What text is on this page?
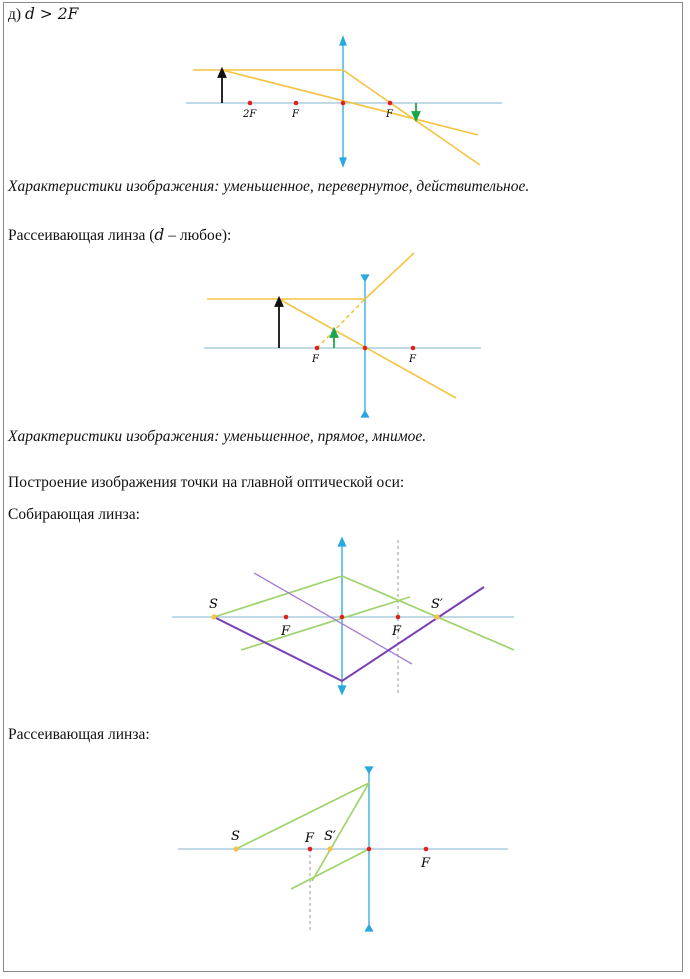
д) d > 2F

2F	F	F

Характеристики изображения: уменьшенное, перевернутое, действительное.

Рассеивающая линза (d – любое):

F	F

Характеристики изображения: уменьшенное, прямое, мнимое.

Построение изображения точки на главной оптической оси:

Собирающая линза:

S	S′
F	F

Рассеивающая линза:

S	F S′
F
